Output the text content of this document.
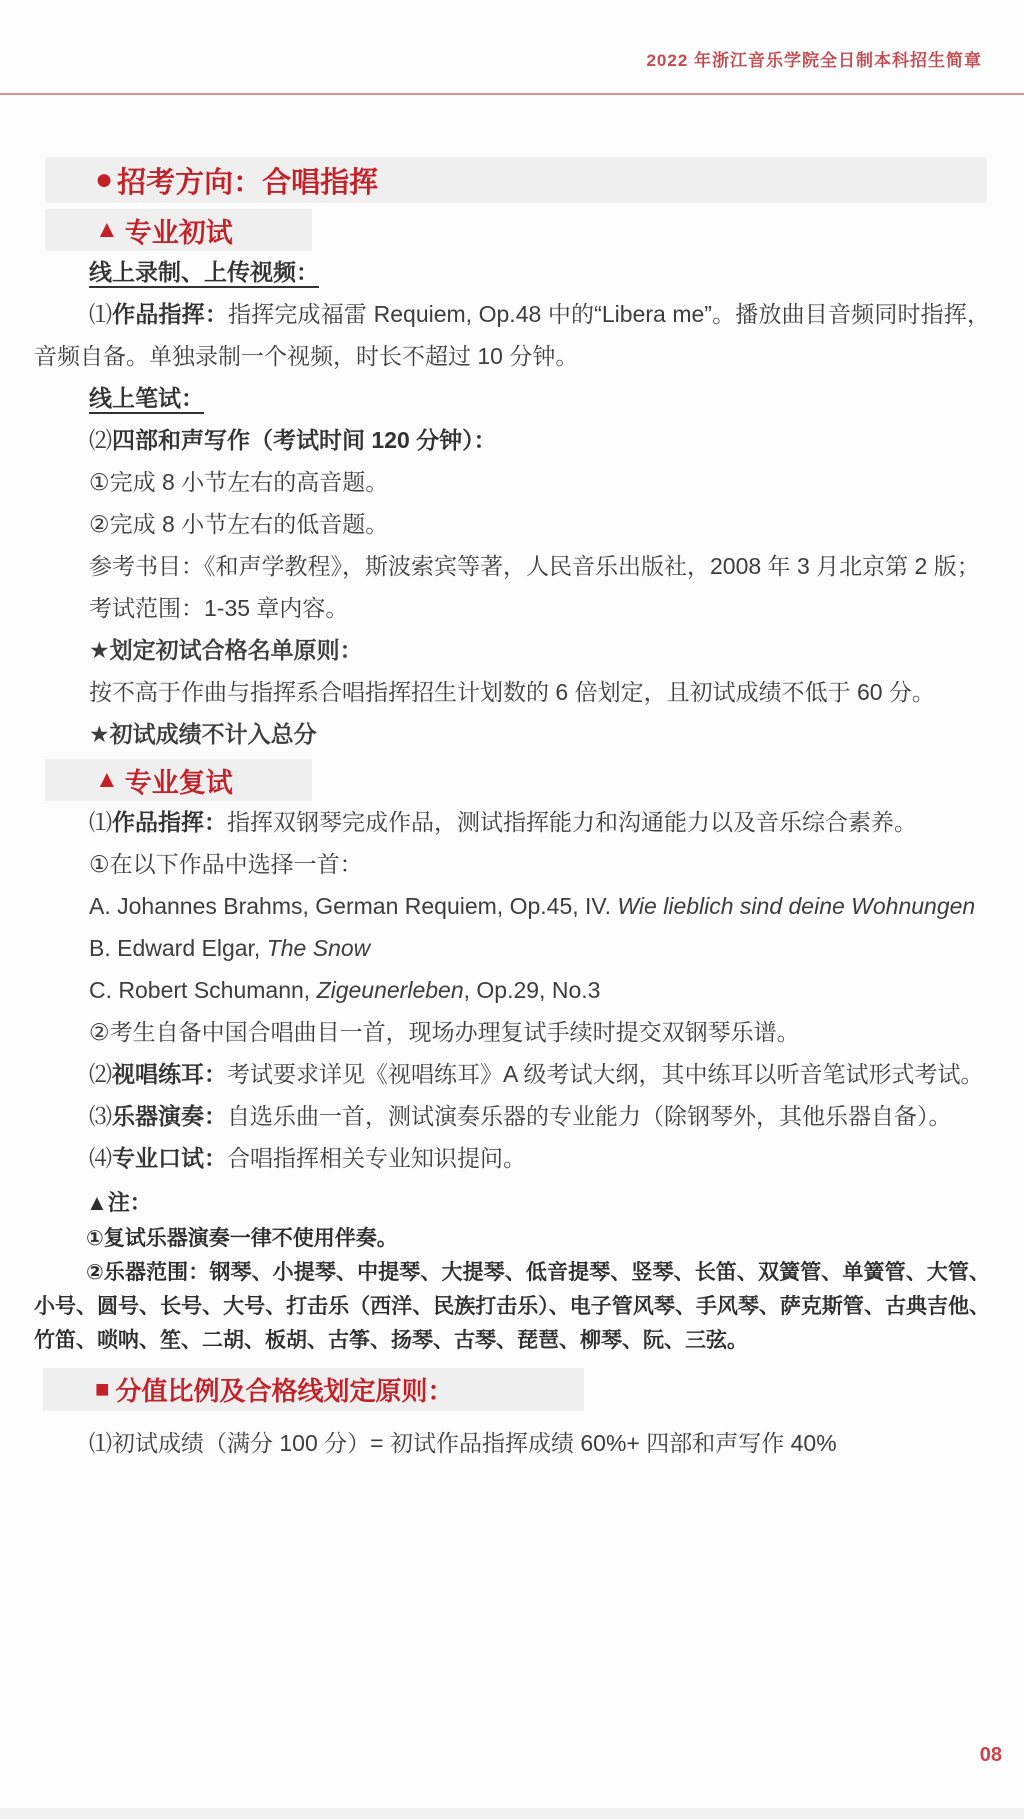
2022 年浙江音乐学院全日制本科招生简章
● 招考方向：合唱指挥
▲ 专业初试

线上录制、上传视频：

⑴作品指挥：指挥完成福雷 Requiem, Op.48 中的“Libera me”。播放曲目音频同时指挥，音频自备。单独录制一个视频，时长不超过 10 分钟。

线上笔试：

⑵四部和声写作（考试时间 120 分钟）：

①完成 8 小节左右的高音题。

②完成 8 小节左右的低音题。

参考书目：《和声学教程》，斯波索宾等著，人民音乐出版社，2008 年 3 月北京第 2 版；

考试范围：1-35 章内容。

★划定初试合格名单原则：

按不高于作曲与指挥系合唱指挥招生计划数的 6 倍划定，且初试成绩不低于 60 分。

★初试成绩不计入总分

▲ 专业复试

⑴作品指挥：指挥双钢琴完成作品，测试指挥能力和沟通能力以及音乐综合素养。

①在以下作品中选择一首：

A. Johannes Brahms, German Requiem, Op.45, IV. Wie lieblich sind deine Wohnungen

B. Edward Elgar, The Snow

C. Robert Schumann, Zigeunerleben, Op.29, No.3

②考生自备中国合唱曲目一首，现场办理复试手续时提交双钢琴乐谱。

⑵视唱练耳：考试要求详见《视唱练耳》A 级考试大纲，其中练耳以听音笔试形式考试。

⑶乐器演奏：自选乐曲一首，测试演奏乐器的专业能力（除钢琴外，其他乐器自备）。

⑷专业口试：合唱指挥相关专业知识提问。

▲注：

①复试乐器演奏一律不使用伴奏。

②乐器范围：钢琴、小提琴、中提琴、大提琴、低音提琴、竖琴、长笛、双簧管、单簧管、大管、小号、圆号、长号、大号、打击乐（西洋、民族打击乐）、电子管风琴、手风琴、萨克斯管、古典吉他、竹笛、唢呐、笙、二胡、板胡、古筝、扬琴、古琴、琵琶、柳琴、阮、三弦。

■ 分值比例及合格线划定原则：

⑴初试成绩（满分 100 分）= 初试作品指挥成绩 60%+ 四部和声写作 40%

08
